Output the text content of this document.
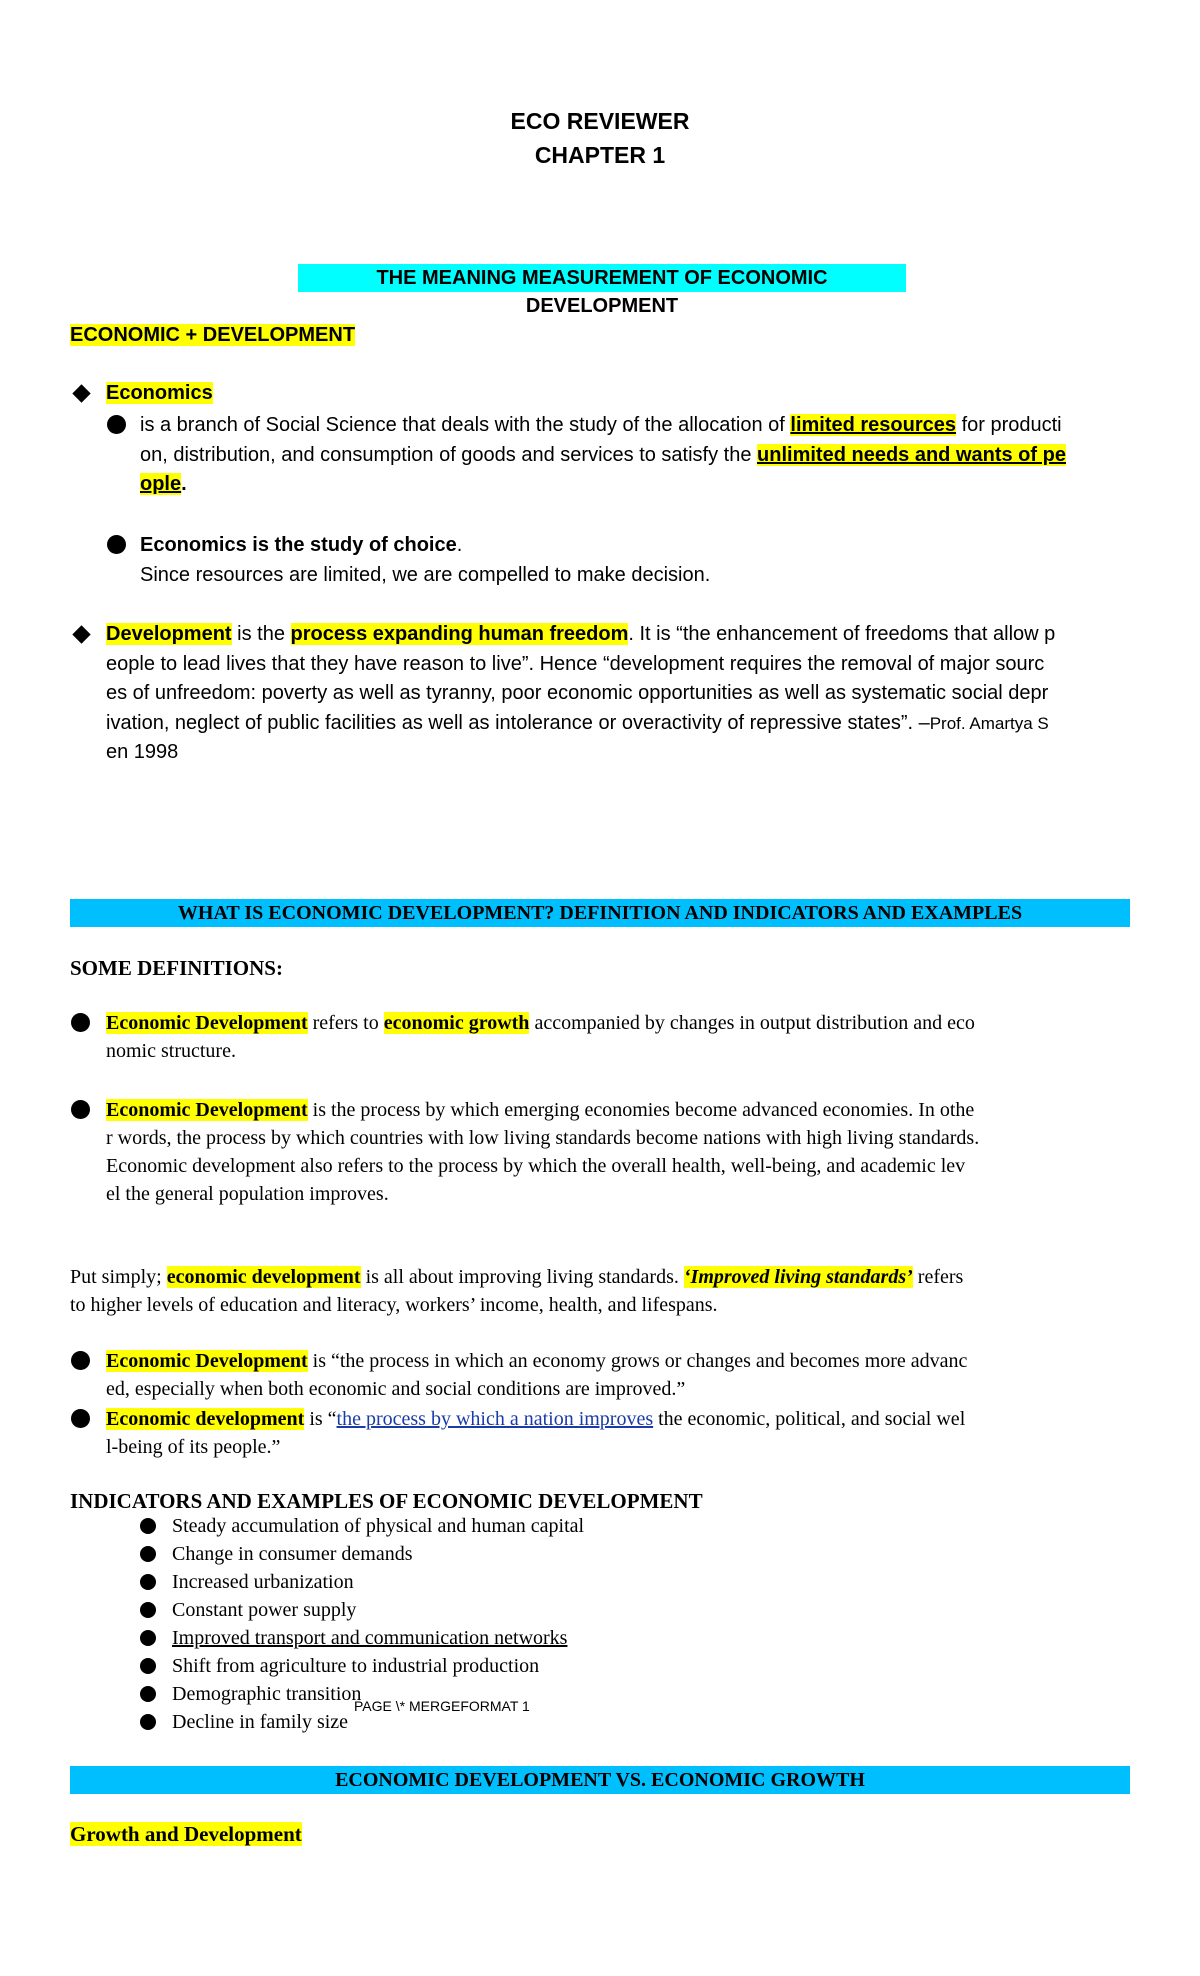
ECO REVIEWER
CHAPTER 1
THE MEANING MEASUREMENT OF ECONOMIC DEVELOPMENT
ECONOMIC + DEVELOPMENT
Economics
is a branch of Social Science that deals with the study of the allocation of limited resources for producti
on, distribution, and consumption of goods and services to satisfy the unlimited needs and wants of pe
ople.
Economics is the study of choice.
Since resources are limited, we are compelled to make decision.
Development is the process expanding human freedom. It is “the enhancement of freedoms that allow p
eople to lead lives that they have reason to live”. Hence “development requires the removal of major sourc
es of unfreedom: poverty as well as tyranny, poor economic opportunities as well as systematic social depr
ivation, neglect of public facilities as well as intolerance or overactivity of repressive states”. –Prof. Amartya S
en 1998
WHAT IS ECONOMIC DEVELOPMENT? DEFINITION AND INDICATORS AND EXAMPLES
SOME DEFINITIONS:
Economic Development refers to economic growth accompanied by changes in output distribution and eco
nomic structure.
Economic Development is the process by which emerging economies become advanced economies. In othe
r words, the process by which countries with low living standards become nations with high living standards.
Economic development also refers to the process by which the overall health, well-being, and academic lev
el the general population improves.
Put simply; economic development is all about improving living standards. ‘Improved living standards’ refers
to higher levels of education and literacy, workers’ income, health, and lifespans.
Economic Development is “the process in which an economy grows or changes and becomes more advanc
ed, especially when both economic and social conditions are improved.”
Economic development is “the process by which a nation improves the economic, political, and social wel
l-being of its people.”
INDICATORS AND EXAMPLES OF ECONOMIC DEVELOPMENT
Steady accumulation of physical and human capital
Change in consumer demands
Increased urbanization
Constant power supply
Improved transport and communication networks
Shift from agriculture to industrial production
Demographic transition
Decline in family size
PAGE \* MERGEFORMAT 1
ECONOMIC DEVELOPMENT VS. ECONOMIC GROWTH
Growth and Development
